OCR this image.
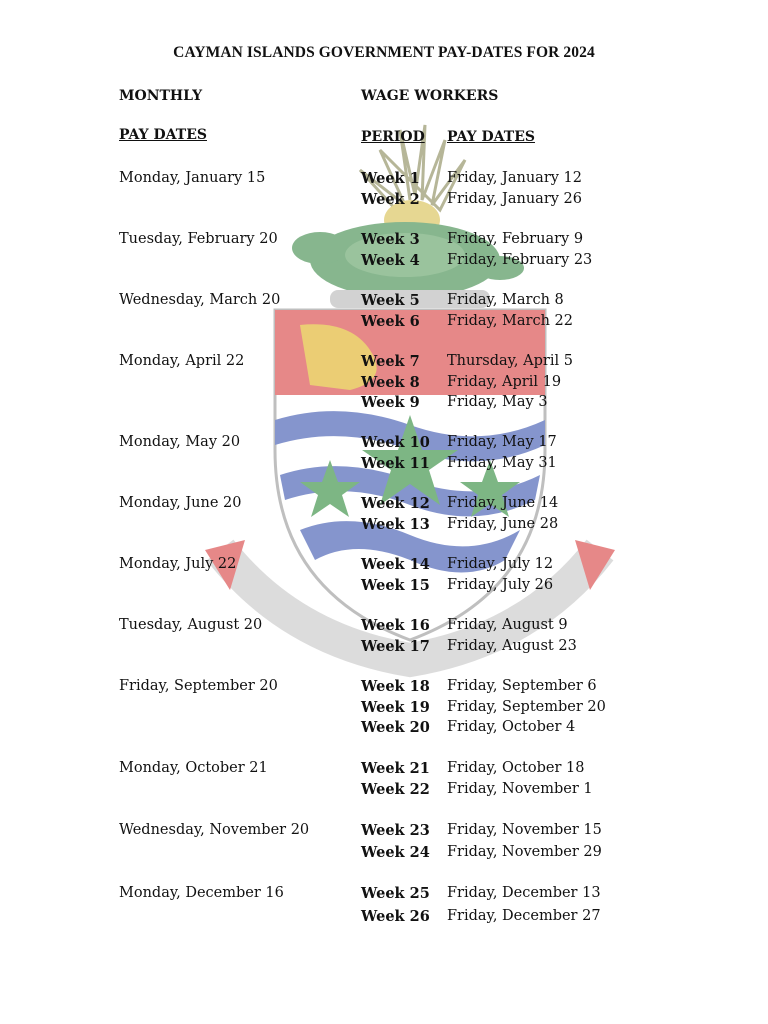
CAYMAN ISLANDS GOVERNMENT PAY-DATES FOR 2024
MONTHLY
PAY DATES
WAGE WORKERS
PERIOD PAY DATES
Monday, January 15	Week 1 Friday, January 12
Week 2 Friday, January 26
Tuesday, February 20	Week 3 Friday, February 9
Week 4 Friday, February 23
Wednesday, March 20	Week 5 Friday, March 8
Week 6 Friday, March 22
Monday, April 22	Week 7 Thursday, April 5
Week 8 Friday, April 19
Week 9 Friday, May 3
Monday, May 20	Week 10 Friday, May 17
Week 11 Friday, May 31
Monday, June 20	Week 12 Friday, June 14
Week 13 Friday, June 28
Monday, July 22	Week 14 Friday, July 12
Week 15 Friday, July 26
Tuesday, August 20	Week 16 Friday, August 9
Week 17 Friday, August 23
Friday, September 20	Week 18 Friday, September 6
Week 19 Friday, September 20
Week 20 Friday, October 4
Monday, October 21	Week 21 Friday, October 18
Week 22 Friday, November 1
Wednesday, November 20	Week 23 Friday, November 15
Week 24 Friday, November 29
Monday, December 16	Week 25 Friday, December 13
Week 26 Friday, December 27
